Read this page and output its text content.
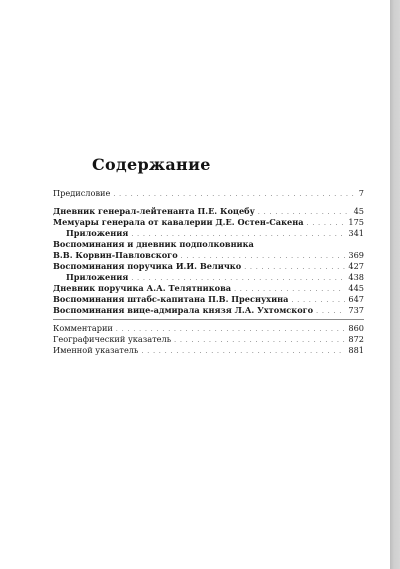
Содержание
Предисловие . . .	7
Дневник генерал-лейтенанта П.Е. Коцебу . . .	45
Мемуары генерала от кавалерии Д.Е. Остен-Сакена . . .	175
Приложения . . .	341
Воспоминания и дневник подполковника
В.В. Корвин-Павловского . . .	369
Воспоминания поручика И.И. Величко . . .	427
Приложения . . .	438
Дневник поручика А.А. Телятникова . . .	445
Воспоминания штабс-капитана П.В. Преснухина . . .	647
Воспоминания вице-адмирала князя Л.А. Ухтомского . . .	737
Комментарии . . .	860
Географический указатель . . .	872
Именной указатель . . .	881
